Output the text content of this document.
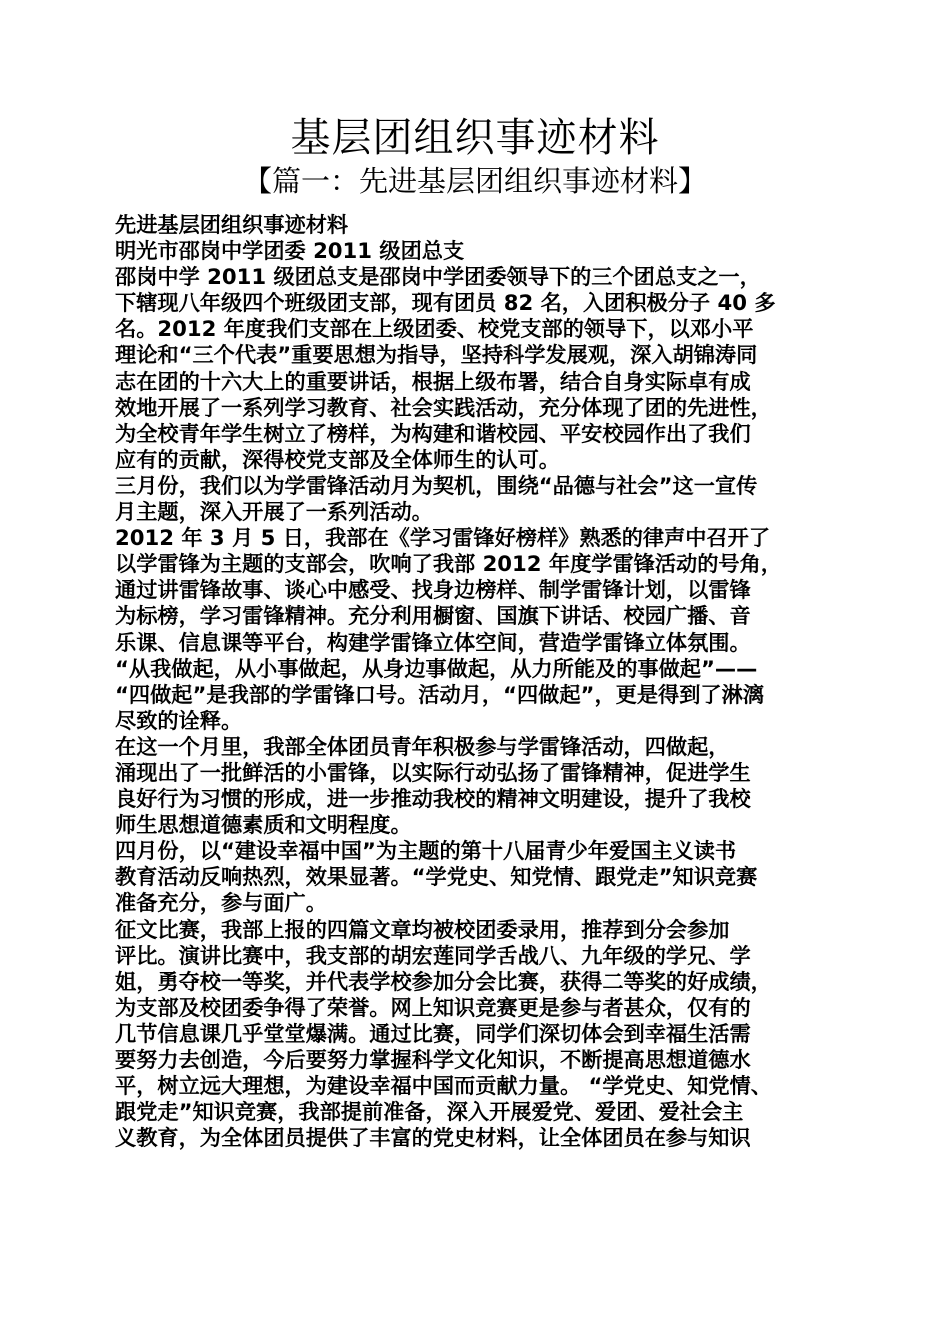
基层团组织事迹材料
【篇一：先进基层团组织事迹材料】
先进基层团组织事迹材料
明光市邵岗中学团委 2011 级团总支
邵岗中学 2011 级团总支是邵岗中学团委领导下的三个团总支之一，
下辖现八年级四个班级团支部，现有团员 82 名，入团积极分子 40 多
名。2012 年度我们支部在上级团委、校党支部的领导下，以邓小平
理论和“三个代表”重要思想为指导，坚持科学发展观，深入胡锦涛同
志在团的十六大上的重要讲话，根据上级布署，结合自身实际卓有成
效地开展了一系列学习教育、社会实践活动，充分体现了团的先进性，
为全校青年学生树立了榜样，为构建和谐校园、平安校园作出了我们
应有的贡献，深得校党支部及全体师生的认可。
三月份，我们以为学雷锋活动月为契机，围绕“品德与社会”这一宣传
月主题，深入开展了一系列活动。
2012 年 3 月 5 日，我部在《学习雷锋好榜样》熟悉的律声中召开了
以学雷锋为主题的支部会，吹响了我部 2012 年度学雷锋活动的号角，
通过讲雷锋故事、谈心中感受、找身边榜样、制学雷锋计划，以雷锋
为标榜，学习雷锋精神。充分利用橱窗、国旗下讲话、校园广播、音
乐课、信息课等平台，构建学雷锋立体空间，营造学雷锋立体氛围。
“从我做起，从小事做起，从身边事做起，从力所能及的事做起”——
“四做起”是我部的学雷锋口号。活动月，“四做起”，更是得到了淋漓
尽致的诠释。
在这一个月里，我部全体团员青年积极参与学雷锋活动，四做起，
涌现出了一批鲜活的小雷锋，以实际行动弘扬了雷锋精神，促进学生
良好行为习惯的形成，进一步推动我校的精神文明建设，提升了我校
师生思想道德素质和文明程度。
四月份，以“建设幸福中国”为主题的第十八届青少年爱国主义读书
教育活动反响热烈，效果显著。“学党史、知党情、跟党走”知识竞赛
准备充分，参与面广。
征文比赛，我部上报的四篇文章均被校团委录用，推荐到分会参加
评比。演讲比赛中，我支部的胡宏莲同学舌战八、九年级的学兄、学
姐，勇夺校一等奖，并代表学校参加分会比赛，获得二等奖的好成绩，
为支部及校团委争得了荣誉。网上知识竞赛更是参与者甚众，仅有的
几节信息课几乎堂堂爆满。通过比赛，同学们深切体会到幸福生活需
要努力去创造，今后要努力掌握科学文化知识，不断提高思想道德水
平，树立远大理想，为建设幸福中国而贡献力量。 “学党史、知党情、
跟党走”知识竞赛，我部提前准备，深入开展爱党、爱团、爱社会主
义教育，为全体团员提供了丰富的党史材料，让全体团员在参与知识
